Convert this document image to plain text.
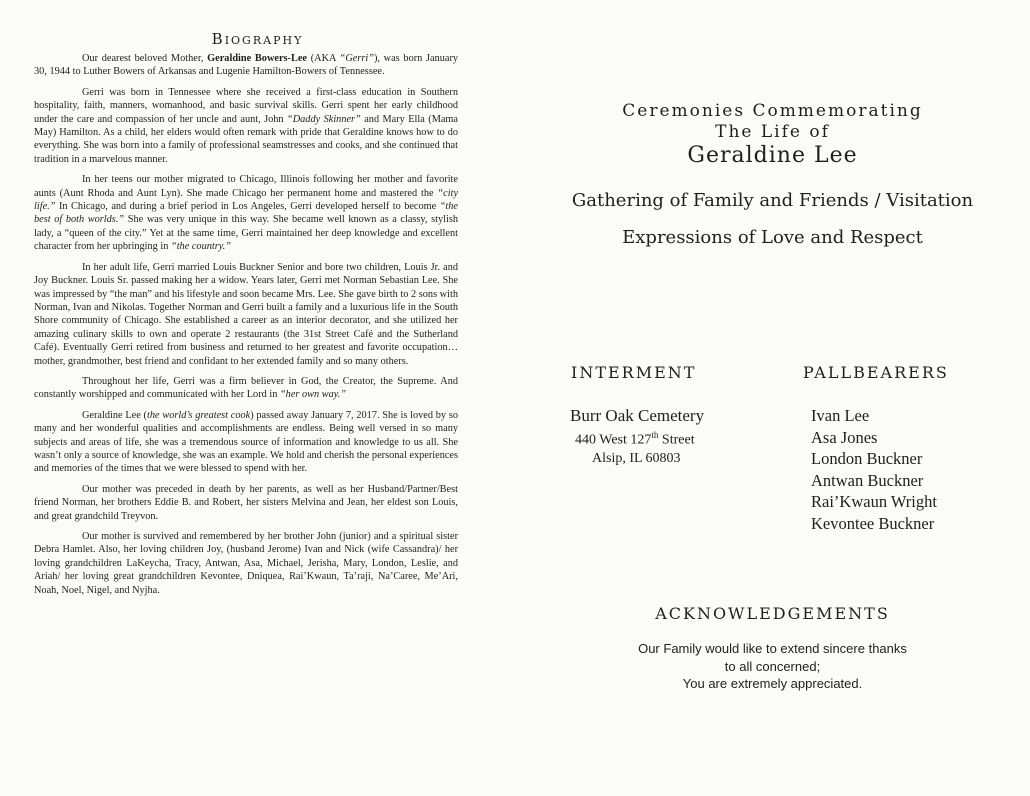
Biography

Our dearest beloved Mother, Geraldine Bowers-Lee (AKA “Gerri”), was born January 30, 1944 to Luther Bowers of Arkansas and Lugenie Hamilton-Bowers of Tennessee.

Gerri was born in Tennessee where she received a first-class education in Southern hospitality, faith, manners, womanhood, and basic survival skills. Gerri spent her early childhood under the care and compassion of her uncle and aunt, John “Daddy Skinner” and Mary Ella (Mama May) Hamilton. As a child, her elders would often remark with pride that Geraldine knows how to do everything. She was born into a family of professional seamstresses and cooks, and she continued that tradition in a marvelous manner.

In her teens our mother migrated to Chicago, Illinois following her mother and favorite aunts (Aunt Rhoda and Aunt Lyn). She made Chicago her permanent home and mastered the “city life.” In Chicago, and during a brief period in Los Angeles, Gerri developed herself to become “the best of both worlds.” She was very unique in this way. She became well known as a classy, stylish lady, a “queen of the city.” Yet at the same time, Gerri maintained her deep knowledge and excellent character from her upbringing in “the country.”

In her adult life, Gerri married Louis Buckner Senior and bore two children, Louis Jr. and Joy Buckner. Louis Sr. passed making her a widow. Years later, Gerri met Norman Sebastian Lee. She was impressed by “the man” and his lifestyle and soon became Mrs. Lee. She gave birth to 2 sons with Norman, Ivan and Nikolas. Together Norman and Gerri built a family and a luxurious life in the South Shore community of Chicago. She established a career as an interior decorator, and she utilized her amazing culinary skills to own and operate 2 restaurants (the 31st Street Café and the Sutherland Café). Eventually Gerri retired from business and returned to her greatest and favorite occupation… mother, grandmother, best friend and confidant to her extended family and so many others.

Throughout her life, Gerri was a firm believer in God, the Creator, the Supreme. And constantly worshipped and communicated with her Lord in “her own way.”

Geraldine Lee (the world’s greatest cook) passed away January 7, 2017. She is loved by so many and her wonderful qualities and accomplishments are endless. Being well versed in so many subjects and areas of life, she was a tremendous source of information and knowledge to us all. She wasn’t only a source of knowledge, she was an example. We hold and cherish the personal experiences and memories of the times that we were blessed to spend with her.

Our mother was preceded in death by her parents, as well as her Husband/Partner/Best friend Norman, her brothers Eddie B. and Robert, her sisters Melvina and Jean, her eldest son Louis, and great grandchild Treyvon.

Our mother is survived and remembered by her brother John (junior) and a spiritual sister Debra Hamlet. Also, her loving children Joy, (husband Jerome) Ivan and Nick (wife Cassandra)/ her loving grandchildren LaKeycha, Tracy, Antwan, Asa, Michael, Jerisha, Mary, London, Leslie, and Ariah/ her loving great grandchildren Kevontee, Dniquea, Rai’Kwaun, Ta’raji, Na’Caree, Me’Ari, Noah, Noel, Nigel, and Nyjha.

Ceremonies Commemorating
The Life of
Geraldine Lee
Gathering of Family and Friends / Visitation
Expressions of Love and Respect
INTERMENT
Burr Oak Cemetery
440 West 127th Street
Alsip, IL 60803
PALLBEARERS
Ivan Lee
Asa Jones
London Buckner
Antwan Buckner
Rai’Kwaun Wright
Kevontee Buckner
ACKNOWLEDGEMENTS
Our Family would like to extend sincere thanks
to all concerned;
You are extremely appreciated.
